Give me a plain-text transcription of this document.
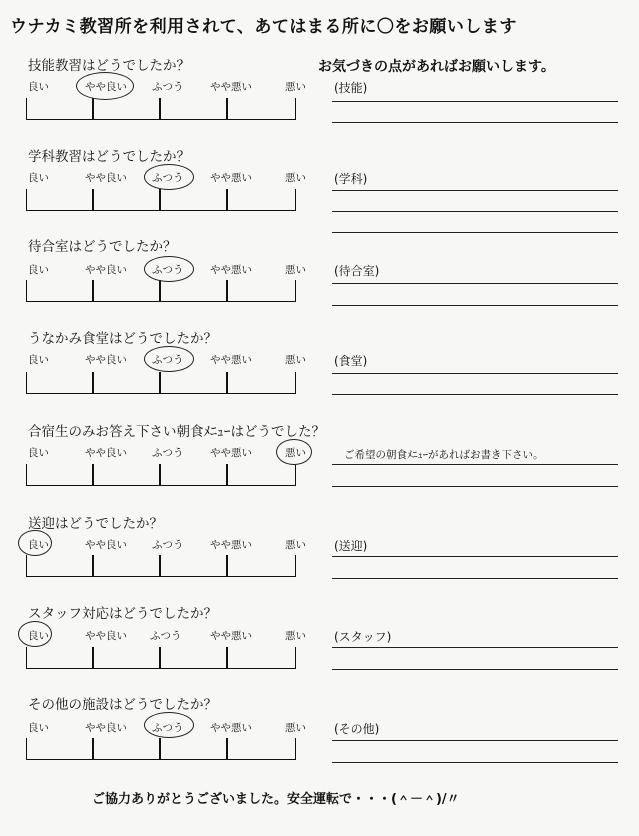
ウナカミ教習所を利用されて、あてはまる所に〇をお願いします
お気づきの点があればお願いします。
技能教習はどうでしたか？
良い	やや良い ふつう	やや悪い	悪い (技能)
学科教習はどうでしたか？
良い	やや良い ふつう	やや悪い	悪い (学科)
待合室はどうでしたか？
良い	やや良い ふつう	やや悪い	悪い (待合室)
うなかみ食堂はどうでしたか？
良い	やや良い ふつう	やや悪い	悪い (食堂)
合宿生のみお答え下さい朝食ﾒﾆｭｰはどうでした？
良い	やや良い ふつう	やや悪い	悪い	ご希望の朝食ﾒﾆｭｰがあればお書き下さい。
送迎はどうでしたか？
良い	やや良い ふつう	やや悪い	悪い (送迎)
スタッフ対応はどうでしたか？
良い	やや良い ふつう	やや悪い	悪い (スタッフ)
その他の施設はどうでしたか？
良い	やや良い ふつう	やや悪い	悪い (その他)
ご協力ありがとうございました。安全運転で・・・(＾－＾)/〃
